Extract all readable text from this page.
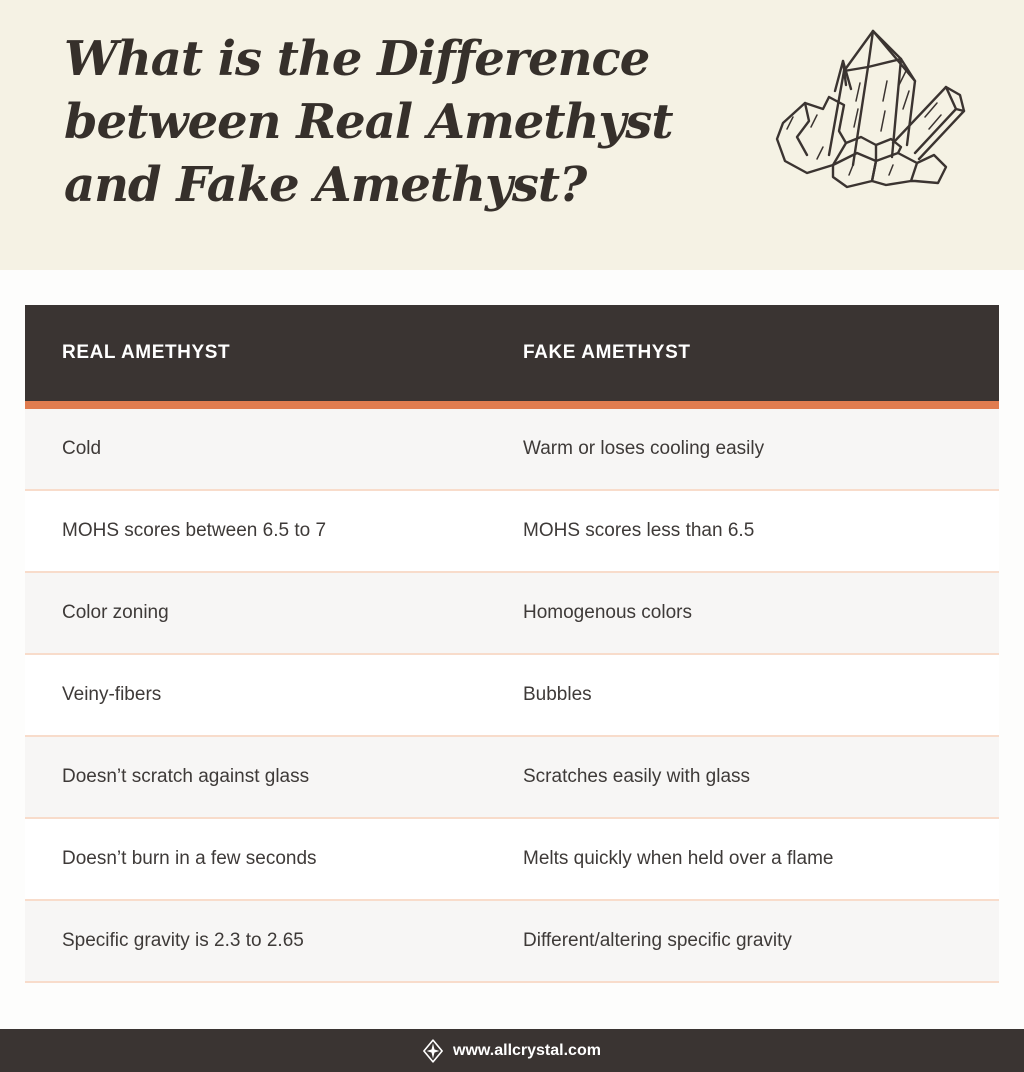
What is the Difference
between Real Amethyst
and Fake Amethyst?
REAL AMETHYST	FAKE AMETHYST
Cold	Warm or loses cooling easily
MOHS scores between 6.5 to 7	MOHS scores less than 6.5
Color zoning	Homogenous colors
Veiny-fibers	Bubbles
Doesn’t scratch against glass	Scratches easily with glass
Doesn’t burn in a few seconds	Melts quickly when held over a flame
Specific gravity is 2.3 to 2.65	Different/altering specific gravity
www.allcrystal.com
